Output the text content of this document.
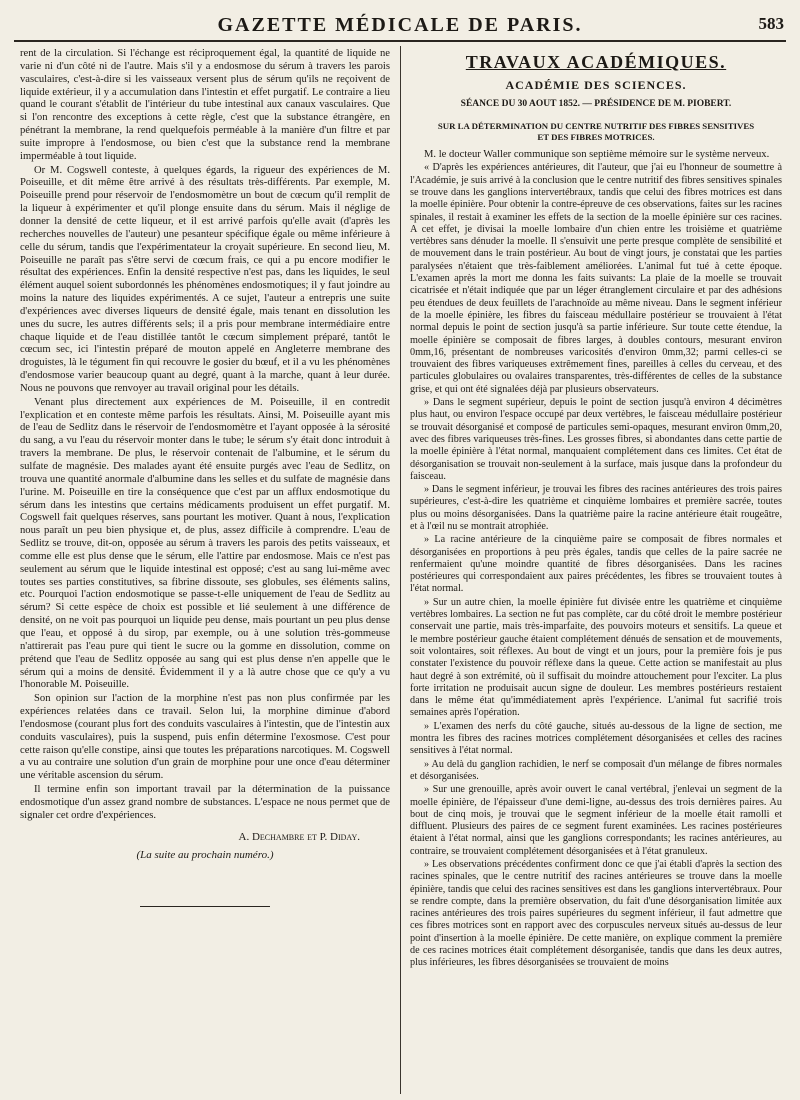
GAZETTE MÉDICALE DE PARIS.	583

rent de la circulation. Si l'échange est réciproquement égal, la quantité de liquide ne varie ni d'un côté ni de l'autre. Mais s'il y a endosmose du sérum à travers les parois vasculaires, c'est-à-dire si les vaisseaux versent plus de sérum qu'ils ne reçoivent de liquide extérieur, il y a accumulation dans l'intestin et effet purgatif. Le contraire a lieu quand le courant s'établit de l'intérieur du tube intestinal aux canaux vasculaires. Que si l'on rencontre des exceptions à cette règle, c'est que la substance étrangère, en pénétrant la membrane, la rend quelquefois perméable à la manière d'un filtre et par suite impropre à l'endosmose, ou bien c'est que la substance rend la membrane imperméable à tout liquide.

Or M. Cogswell conteste, à quelques égards, la rigueur des expériences de M. Poiseuille, et dit même être arrivé à des résultats très-différents. Par exemple, M. Poiseuille prend pour réservoir de l'endosmomètre un bout de cœcum qu'il remplit de la liqueur à expérimenter et qu'il plonge ensuite dans du sérum. Mais il néglige de donner la densité de cette liqueur, et il est arrivé parfois qu'elle avait (d'après les recherches nouvelles de l'auteur) une pesanteur spécifique égale ou même inférieure à celle du sérum, tandis que l'expérimentateur la croyait supérieure. En second lieu, M. Poiseuille ne paraît pas s'être servi de cœcum frais, ce qui a pu encore modifier le résultat des expériences. Enfin la densité respective n'est pas, dans les liquides, le seul élément auquel soient subordonnés les phénomènes endosmotiques; il y faut joindre au moins la nature des liquides expérimentés. A ce sujet, l'auteur a entrepris une suite d'expériences avec diverses liqueurs de densité égale, mais tenant en dissolution les unes du sucre, les autres différents sels; il a pris pour membrane intermédiaire entre chaque liquide et de l'eau distillée tantôt le cœcum simplement préparé, tantôt le cœcum sec, ici l'intestin préparé de mouton appelé en Angleterre membrane des droguistes, là le tégument fin qui recouvre le gosier du bœuf, et il a vu les phénomènes d'endosmose varier beaucoup quant au degré, quant à la marche, quant à leur durée. Nous ne pouvons que renvoyer au travail original pour les détails.

Venant plus directement aux expériences de M. Poiseuille, il en contredit l'explication et en conteste même parfois les résultats. Ainsi, M. Poiseuille ayant mis de l'eau de Sedlitz dans le réservoir de l'endosmomètre et l'ayant opposée à la sérosité du sang, a vu l'eau du réservoir monter dans le tube; le sérum s'y était donc introduit à travers la membrane. De plus, le réservoir contenait de l'albumine, et le sérum du sulfate de magnésie. Des malades ayant été ensuite purgés avec l'eau de Sedlitz, on trouva une quantité anormale d'albumine dans les selles et du sulfate de magnésie dans l'urine. M. Poiseuille en tire la conséquence que c'est par un afflux endosmotique du sérum dans les intestins que certains médicaments produisent un effet purgatif. M. Cogswell fait quelques réserves, sans pourtant les motiver. Quant à nous, l'explication nous paraît un peu bien physique et, de plus, assez difficile à comprendre. L'eau de Sedlitz se trouve, dit-on, opposée au sérum à travers les parois des petits vaisseaux, et comme elle est plus dense que le sérum, elle l'attire par endosmose. Mais ce n'est pas seulement au sérum que le liquide intestinal est opposé; c'est au sang lui-même avec toutes ses parties constitutives, sa fibrine dissoute, ses globules, ses éléments salins, etc. Pourquoi l'action endosmotique se passe-t-elle uniquement de l'eau de Sedlitz au sérum? Si cette espèce de choix est possible et lié seulement à une différence de densité, on ne voit pas pourquoi un liquide peu dense, mais pourtant un peu plus dense que l'eau, et opposé à du sirop, par exemple, ou à une solution très-gommeuse n'attirerait pas l'eau pure qui tient le sucre ou la gomme en dissolution, comme on prétend que l'eau de Sedlitz opposée au sang qui est plus dense n'en appelle que le sérum qui a moins de densité. Évidemment il y a là autre chose que ce qu'y a vu l'honorable M. Poiseuille.

Son opinion sur l'action de la morphine n'est pas non plus confirmée par les expériences relatées dans ce travail. Selon lui, la morphine diminue d'abord l'endosmose (courant plus fort des conduits vasculaires à l'intestin, que de l'intestin aux conduits vasculaires), puis la suspend, puis enfin détermine l'exosmose. C'est pour cette raison qu'elle constipe, ainsi que toutes les préparations narcotiques. M. Cogswell a vu au contraire une solution d'un grain de morphine pour une once d'eau déterminer une véritable ascension du sérum.

Il termine enfin son important travail par la détermination de la puissance endosmotique d'un assez grand nombre de substances. L'espace ne nous permet que de signaler cet ordre d'expériences.

A. Dechambre et P. Diday.
(La suite au prochain numéro.)
TRAVAUX ACADÉMIQUES.
ACADÉMIE DES SCIENCES.
SÉANCE DU 30 AOUT 1852. — PRÉSIDENCE DE M. PIOBERT.
SUR LA DÉTERMINATION DU CENTRE NUTRITIF DES FIBRES SENSITIVES
ET DES FIBRES MOTRICES.

M. le docteur Waller communique son septième mémoire sur le système nerveux.

« D'après les expériences antérieures, dit l'auteur, que j'ai eu l'honneur de soumettre à l'Académie, je suis arrivé à la conclusion que le centre nutritif des fibres sensitives spinales se trouve dans les ganglions intervertébraux, tandis que celui des fibres motrices est dans la moelle épinière. Pour obtenir la contre-épreuve de ces observations, faites sur les racines spinales, il restait à examiner les effets de la section de la moelle épinière sur ces racines. A cet effet, je divisai la moelle lombaire d'un chien entre les troisième et quatrième vertèbres sans dénuder la moelle. Il s'ensuivit une perte presque complète de sensibilité et de mouvement dans le train postérieur. Au bout de vingt jours, je constatai que les parties paralysées n'étaient que très-faiblement améliorées. L'animal fut tué à cette époque. L'examen après la mort me donna les faits suivants: La plaie de la moelle se trouvait cicatrisée et n'était indiquée que par un léger étranglement circulaire et par des adhésions peu étendues de deux feuillets de l'arachnoïde au même niveau. Dans le segment inférieur de la moelle épinière, les fibres du faisceau médullaire postérieur se trouvaient à l'état normal depuis le point de section jusqu'à sa partie inférieure. Sur toute cette étendue, la moelle épinière se composait de fibres larges, à doubles contours, mesurant environ 0mm,16, présentant de nombreuses varicosités d'environ 0mm,32; parmi celles-ci se trouvaient des fibres variqueuses extrêmement fines, pareilles à celles du cerveau, et des particules globulaires ou ovalaires transparentes, très-différentes de celles de la substance grise, et qui ont été signalées déjà par plusieurs observateurs.

» Dans le segment supérieur, depuis le point de section jusqu'à environ 4 décimètres plus haut, ou environ l'espace occupé par deux vertèbres, le faisceau médullaire postérieur se trouvait désorganisé et composé de particules semi-opaques, mesurant environ 0mm,20, avec des fibres variqueuses très-fines. Les grosses fibres, si abondantes dans cette partie de la moelle épinière à l'état normal, manquaient complétement dans ces limites. Cet état de désorganisation se trouvait non-seulement à la surface, mais jusque dans la profondeur du faisceau.

» Dans le segment inférieur, je trouvai les fibres des racines antérieures des trois paires supérieures, c'est-à-dire les quatrième et cinquième lombaires et première sacrée, toutes plus ou moins désorganisées. Dans la quatrième paire la racine antérieure était rougeâtre, et à l'œil nu se montrait atrophiée.

» La racine antérieure de la cinquième paire se composait de fibres normales et désorganisées en proportions à peu près égales, tandis que celles de la paire sacrée ne renfermaient qu'une moindre quantité de fibres désorganisées. Dans les racines postérieures qui correspondaient aux paires précédentes, les fibres se trouvaient toutes à l'état normal.

» Sur un autre chien, la moelle épinière fut divisée entre les quatrième et cinquième vertèbres lombaires. La section ne fut pas complète, car du côté droit le membre postérieur conservait une partie, mais très-imparfaite, des pouvoirs moteurs et sensitifs. La queue et le membre postérieur gauche étaient complétement dénués de sensation et de mouvements, soit volontaires, soit réflexes. Au bout de vingt et un jours, pour la première fois je pus constater l'existence du pouvoir réflexe dans la queue. Cette action se manifestait au plus haut degré à son extrémité, où il suffisait du moindre attouchement pour l'exciter. La plus forte irritation ne produisait aucun signe de douleur. Les membres postérieurs restaient dans le même état qu'immédiatement après l'expérience. L'animal fut sacrifié trois semaines après l'opération.

» L'examen des nerfs du côté gauche, situés au-dessous de la ligne de section, me montra les fibres des racines motrices complétement désorganisées et celles des racines sensitives à l'état normal.

» Au delà du ganglion rachidien, le nerf se composait d'un mélange de fibres normales et désorganisées.

» Sur une grenouille, après avoir ouvert le canal vertébral, j'enlevai un segment de la moelle épinière, de l'épaisseur d'une demi-ligne, au-dessus des trois dernières paires. Au bout de cinq mois, je trouvai que le segment inférieur de la moelle était ramolli et diffluent. Plusieurs des paires de ce segment furent examinées. Les racines postérieures étaient à l'état normal, ainsi que les ganglions correspondants; les racines antérieures, au contraire, se trouvaient complétement désorganisées et à l'état granuleux.

» Les observations précédentes confirment donc ce que j'ai établi d'après la section des racines spinales, que le centre nutritif des racines antérieures se trouve dans la moelle épinière, tandis que celui des racines sensitives est dans les ganglions intervertébraux. Pour se rendre compte, dans la première observation, du fait d'une désorganisation limitée aux racines antérieures des trois paires supérieures du segment inférieur, il faut admettre que ces fibres motrices sont en rapport avec des corpuscules nerveux situés au-dessus de leur point d'insertion à la moelle épinière. De cette manière, on explique comment la première de ces racines motrices était complétement désorganisée, tandis que dans les deux autres, plus inférieures, les fibres désorganisées se trouvaient de moins
